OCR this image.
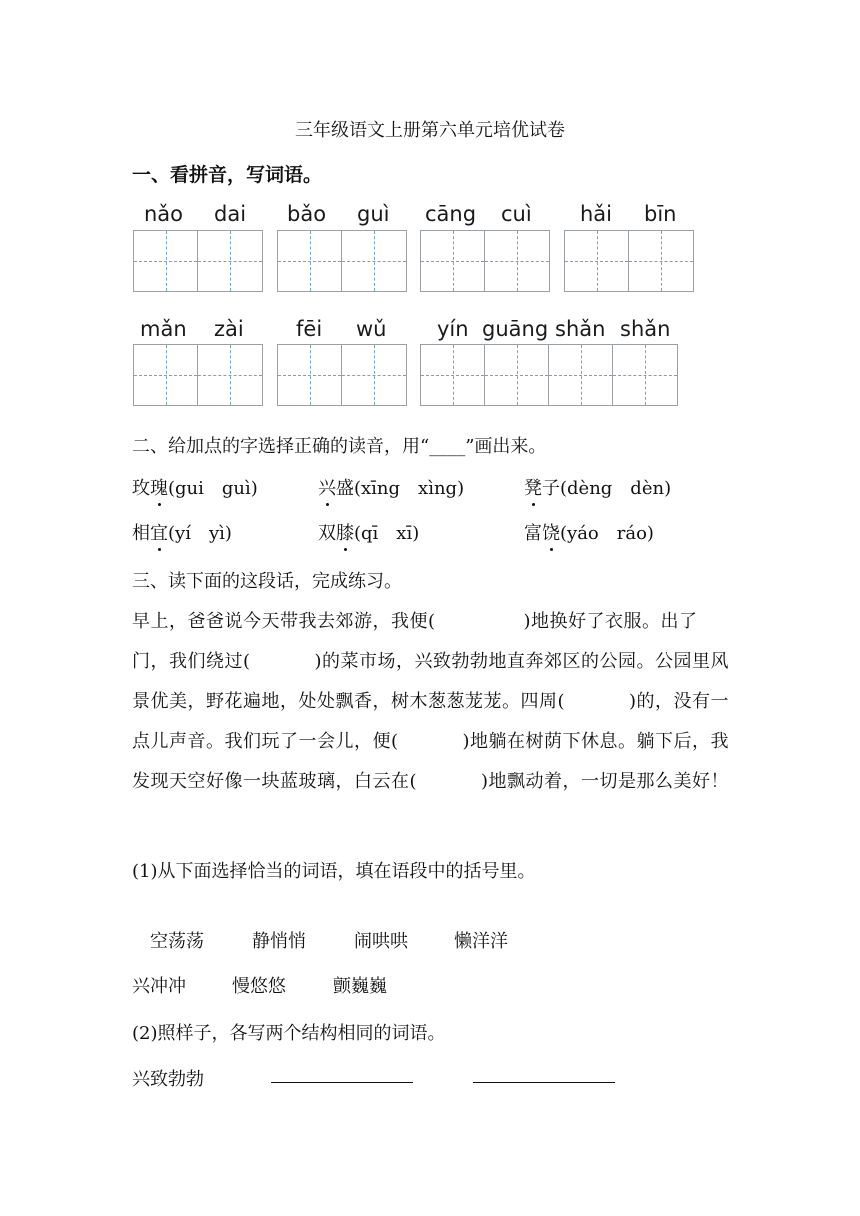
三年级语文上册第六单元培优试卷
一、看拼音，写词语。
nǎo dai bǎo guì cāng cuì hǎi bīn
mǎn zài fēi wǔ yín guāng shǎn shǎn
二、给加点的字选择正确的读音，用“____”画出来。
玫瑰(gui　guì)	兴盛(xīng　xìng)	凳子(dèng　dèn)
相宜(yí　yì)	双膝(qī　xī)	富饶(yáo　ráo)
三、读下面的这段话，完成练习。
早上，爸爸说今天带我去郊游，我便(	)地换好了衣服。出了门，我们绕过(	)的菜市场，兴致勃勃地直奔郊区的公园。公园里风景优美，野花遍地，处处飘香，树木葱葱茏茏。四周(	)的，没有一点儿声音。我们玩了一会儿，便(	)地躺在树荫下休息。躺下后，我发现天空好像一块蓝玻璃，白云在(	)地飘动着，一切是那么美好！
(1)从下面选择恰当的词语，填在语段中的括号里。
空荡荡	静悄悄	闹哄哄	懒洋洋
兴冲冲	慢悠悠	颤巍巍
(2)照样子，各写两个结构相同的词语。
兴致勃勃
